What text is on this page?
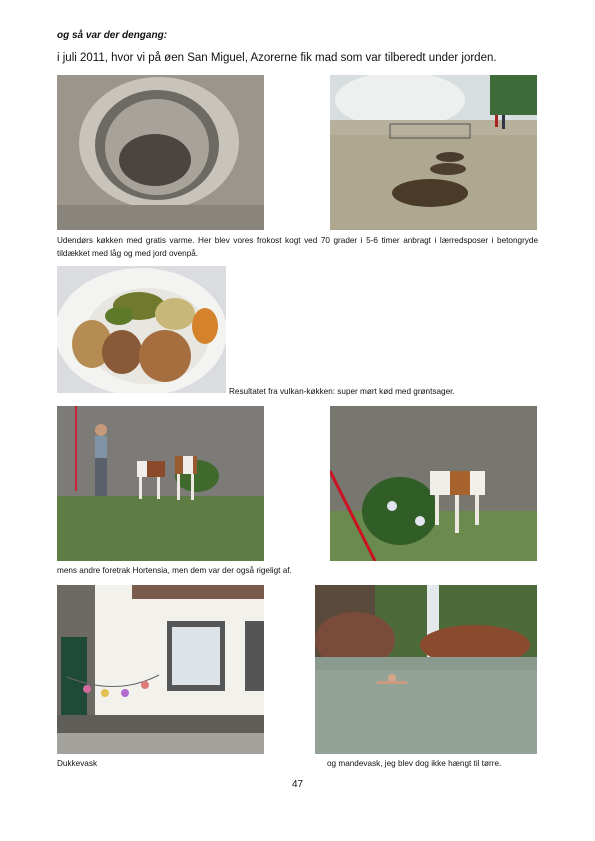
og så var der dengang:
i juli 2011, hvor vi på øen San Miguel, Azorerne fik mad som var tilberedt under jorden.
Udendørs køkken med gratis varme. Her blev vores frokost kogt ved 70 grader i 5-6 timer anbragt i lærredsposer i betongryde tildækket med låg og med jord ovenpå.
Resultatet fra vulkan-køkken: super mørt kød med grøntsager.
mens andre foretrak Hortensia, men dem var der også rigeligt af.
Dukkevask	og mandevask, jeg blev dog ikke hængt til tørre.
47
